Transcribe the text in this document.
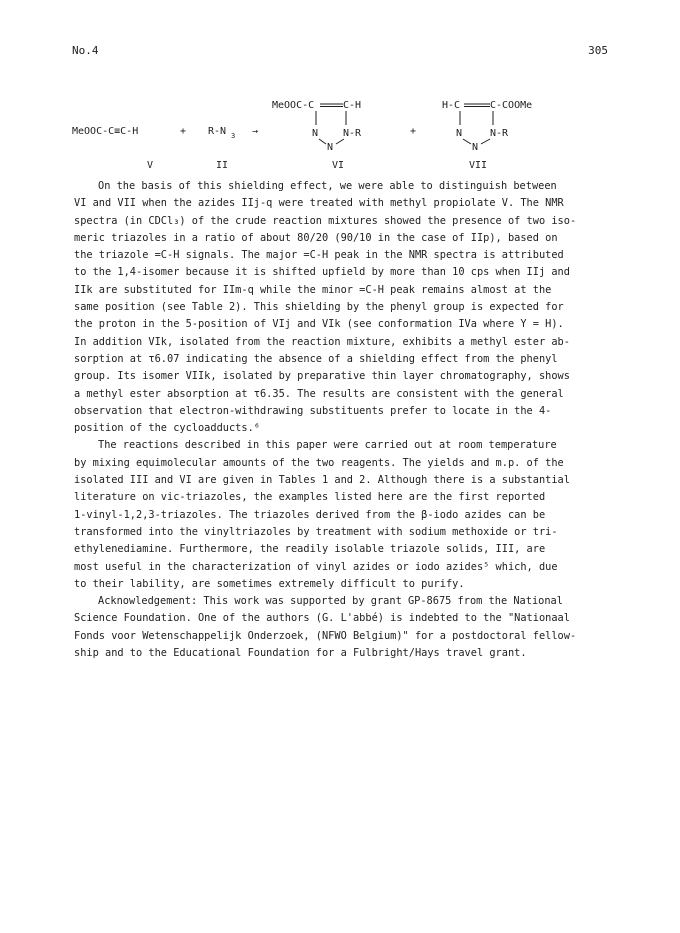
No.4	305
MeOOC-C≡C-H	+ R-N 3 →
MeOOC-C	C-H
N N-R
N
+
H-C	C-COOMe
N	N-R
N
V	II	VI	VII

On the basis of this shielding effect, we were able to distinguish between
VI and VII when the azides IIj-q were treated with methyl propiolate V. The NMR
spectra (in CDCl₃) of the crude reaction mixtures showed the presence of two iso-
meric triazoles in a ratio of about 80/20 (90/10 in the case of IIp), based on
the triazole =C-H signals. The major =C-H peak in the NMR spectra is attributed
to the 1,4-isomer because it is shifted upfield by more than 10 cps when IIj and
IIk are substituted for IIm-q while the minor =C-H peak remains almost at the
same position (see Table 2). This shielding by the phenyl group is expected for
the proton in the 5-position of VIj and VIk (see conformation IVa where Y = H).
In addition VIk, isolated from the reaction mixture, exhibits a methyl ester ab-
sorption at τ6.07 indicating the absence of a shielding effect from the phenyl
group. Its isomer VIIk, isolated by preparative thin layer chromatography, shows
a methyl ester absorption at τ6.35. The results are consistent with the general
observation that electron-withdrawing substituents prefer to locate in the 4-
position of the cycloadducts.⁶

The reactions described in this paper were carried out at room temperature
by mixing equimolecular amounts of the two reagents. The yields and m.p. of the
isolated III and VI are given in Tables 1 and 2. Although there is a substantial
literature on vic-triazoles, the examples listed here are the first reported
1-vinyl-1,2,3-triazoles. The triazoles derived from the β-iodo azides can be
transformed into the vinyltriazoles by treatment with sodium methoxide or tri-
ethylenediamine. Furthermore, the readily isolable triazole solids, III, are
most useful in the characterization of vinyl azides or iodo azides⁵ which, due
to their lability, are sometimes extremely difficult to purify.

Acknowledgement: This work was supported by grant GP-8675 from the National
Science Foundation. One of the authors (G. L'abbé) is indebted to the "Nationaal
Fonds voor Wetenschappelijk Onderzoek, (NFWO Belgium)" for a postdoctoral fellow-
ship and to the Educational Foundation for a Fulbright/Hays travel grant.
